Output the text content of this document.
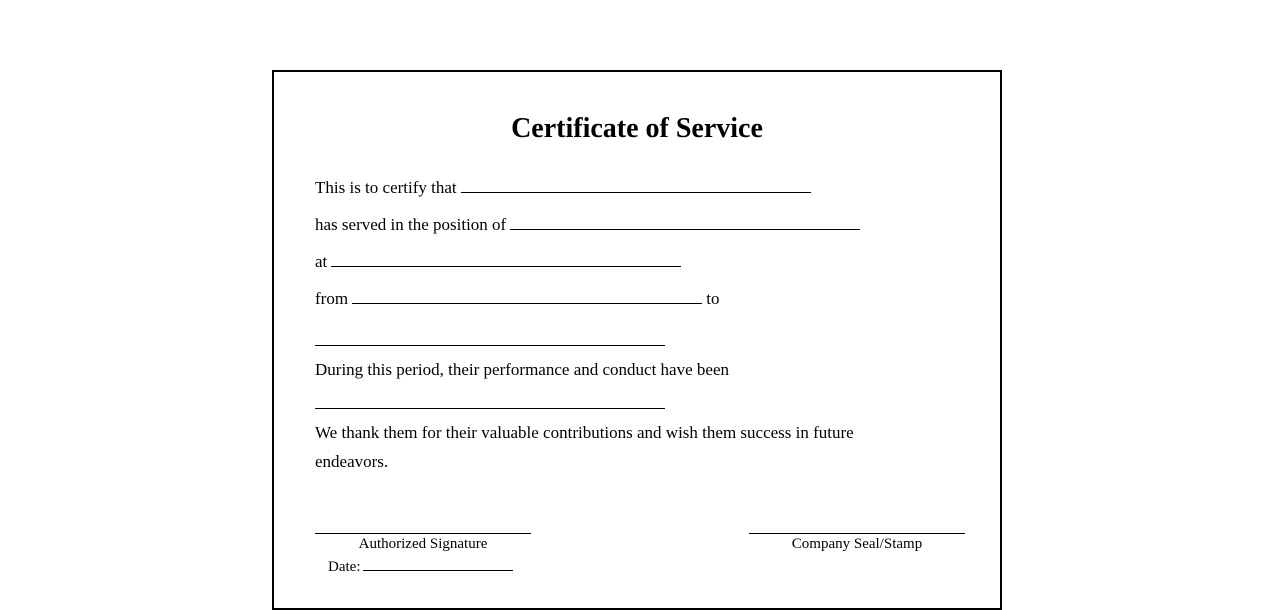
Certificate of Service
This is to certify that
has served in the position of
at
from	to
During this period, their performance and conduct have been
We thank them for their valuable contributions and wish them success in future endeavors.
Authorized Signature	Company Seal/Stamp
Date:
